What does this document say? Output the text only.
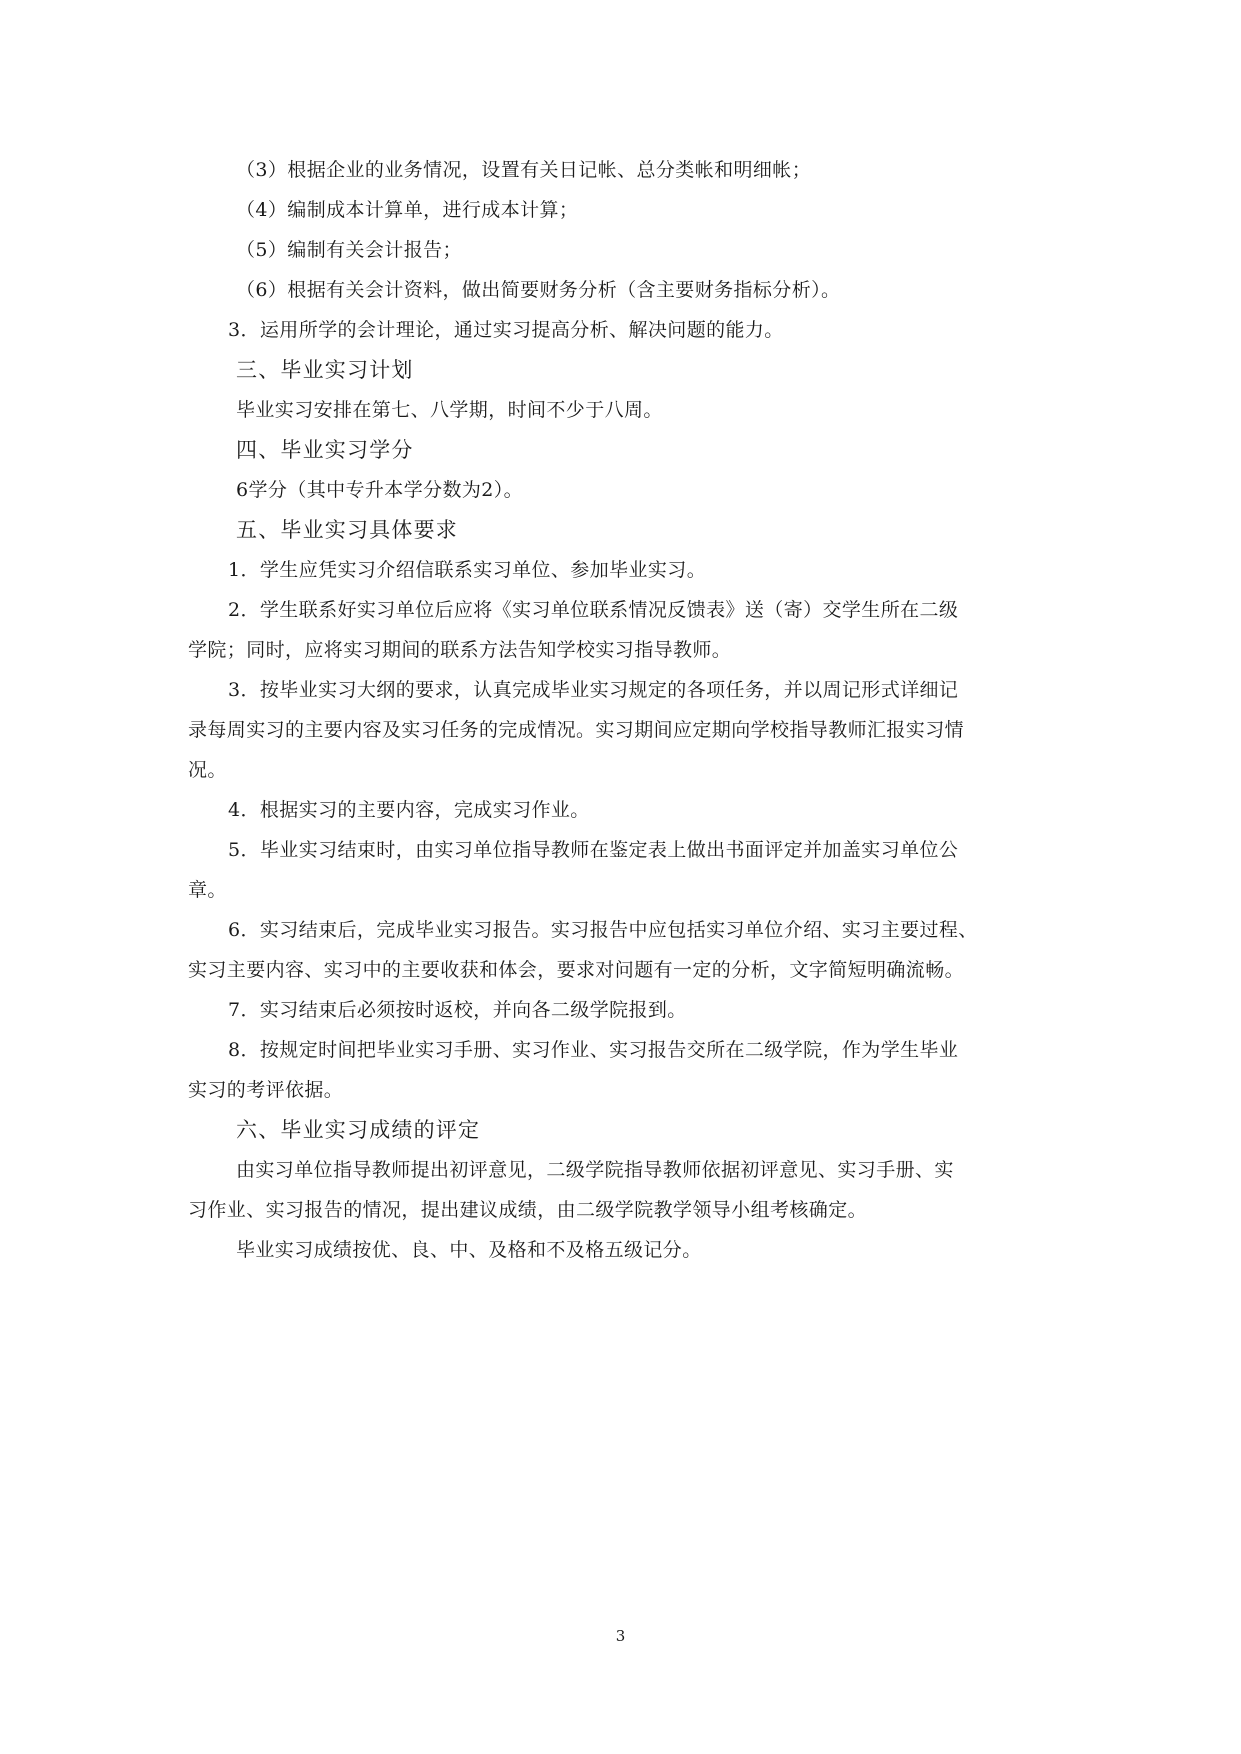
（3）根据企业的业务情况，设置有关日记帐、总分类帐和明细帐；
（4）编制成本计算单，进行成本计算；
（5）编制有关会计报告；
（6）根据有关会计资料，做出简要财务分析（含主要财务指标分析）。
3．运用所学的会计理论，通过实习提高分析、解决问题的能力。
三、毕业实习计划
毕业实习安排在第七、八学期，时间不少于八周。
四、毕业实习学分
6学分（其中专升本学分数为2）。
五、毕业实习具体要求
1．学生应凭实习介绍信联系实习单位、参加毕业实习。
2．学生联系好实习单位后应将《实习单位联系情况反馈表》送（寄）交学生所在二级
学院；同时，应将实习期间的联系方法告知学校实习指导教师。
3．按毕业实习大纲的要求，认真完成毕业实习规定的各项任务，并以周记形式详细记
录每周实习的主要内容及实习任务的完成情况。实习期间应定期向学校指导教师汇报实习情
况。
4．根据实习的主要内容，完成实习作业。
5．毕业实习结束时，由实习单位指导教师在鉴定表上做出书面评定并加盖实习单位公
章。
6．实习结束后，完成毕业实习报告。实习报告中应包括实习单位介绍、实习主要过程、
实习主要内容、实习中的主要收获和体会，要求对问题有一定的分析，文字简短明确流畅。
7．实习结束后必须按时返校，并向各二级学院报到。
8．按规定时间把毕业实习手册、实习作业、实习报告交所在二级学院，作为学生毕业
实习的考评依据。
六、毕业实习成绩的评定
由实习单位指导教师提出初评意见，二级学院指导教师依据初评意见、实习手册、实
习作业、实习报告的情况，提出建议成绩，由二级学院教学领导小组考核确定。
毕业实习成绩按优、良、中、及格和不及格五级记分。
3
